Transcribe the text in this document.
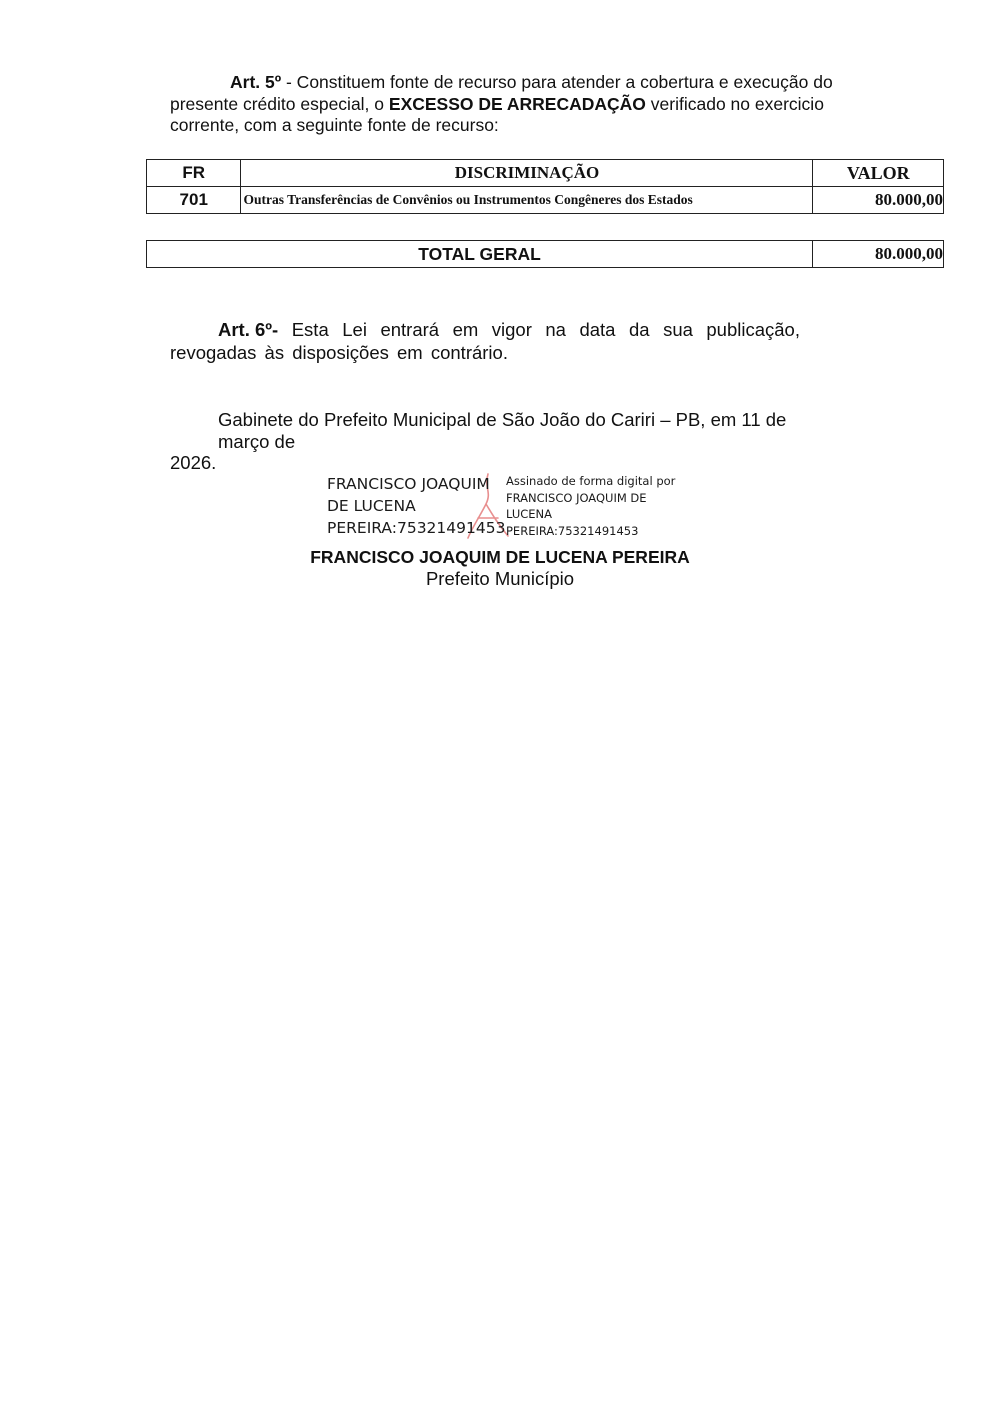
Art. 5º - Constituem fonte de recurso para atender a cobertura e execução do
presente crédito especial, o EXCESSO DE ARRECADAÇÃO verificado no exercicio
corrente, com a seguinte fonte de recurso:
FR	DISCRIMINAÇÃO	VALOR
701	Outras Transferências de Convênios ou Instrumentos Congêneres dos Estados	80.000,00
TOTAL GERAL	80.000,00
Art. 6º- Esta Lei entrará em vigor na data da sua publicação,
revogadas às disposições em contrário.
Gabinete do Prefeito Municipal de São João do Cariri – PB, em 11 de
março de
2026.
FRANCISCO JOAQUIM
DE LUCENA
PEREIRA:75321491453
Assinado de forma digital por
FRANCISCO JOAQUIM DE
LUCENA
PEREIRA:75321491453
FRANCISCO JOAQUIM DE LUCENA PEREIRA
Prefeito Município
